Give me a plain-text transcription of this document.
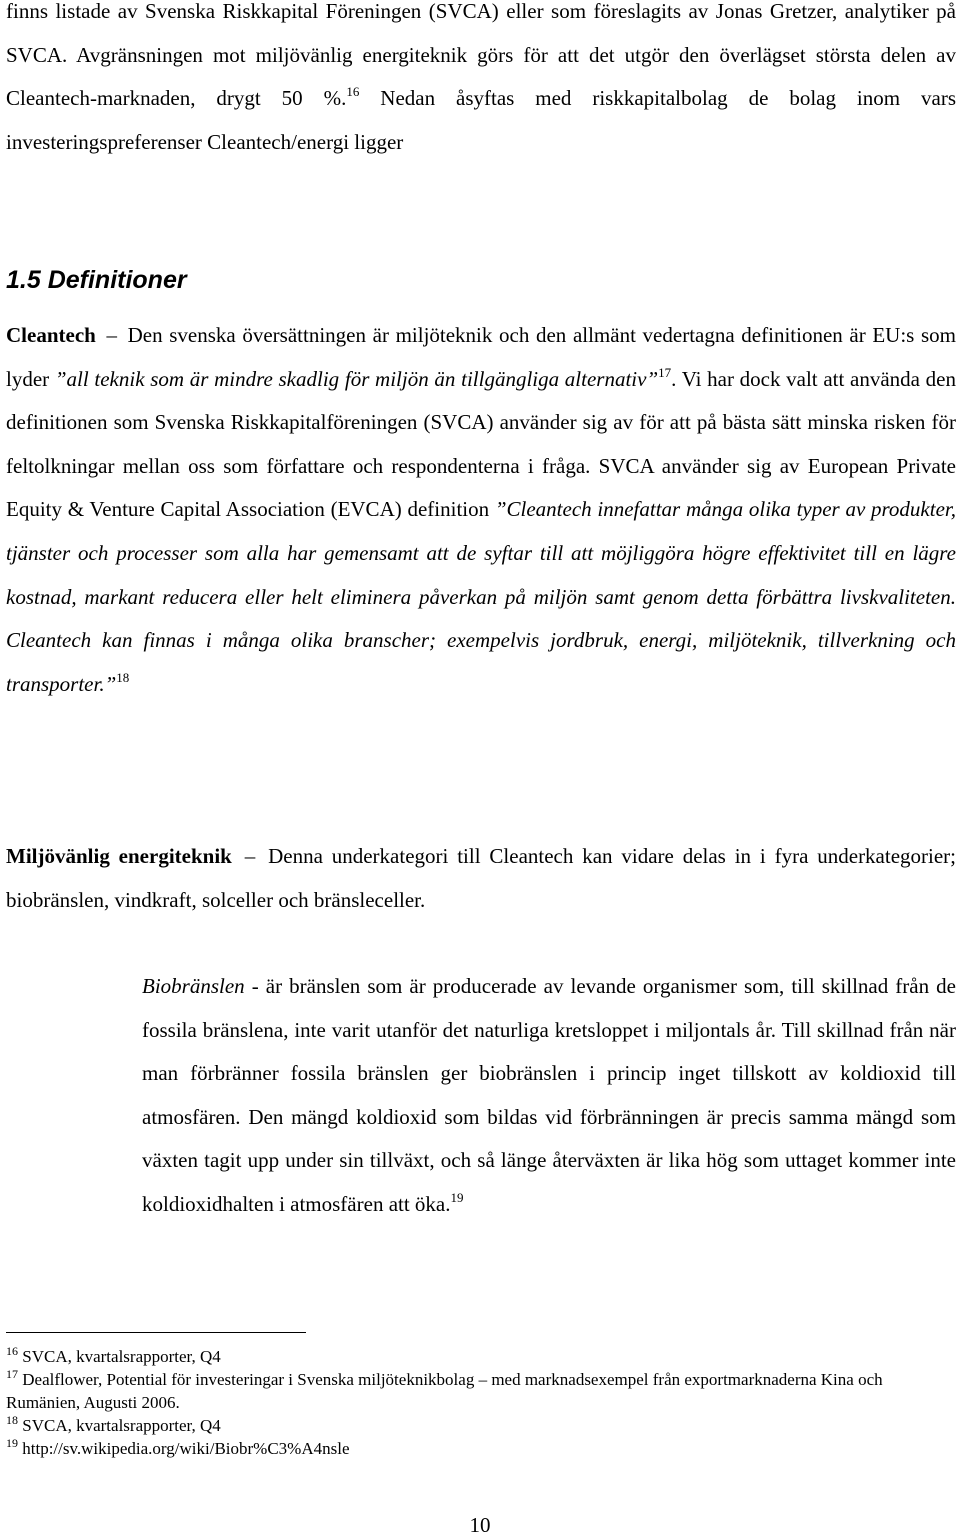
finns listade av Svenska Riskkapital Föreningen (SVCA) eller som föreslagits av Jonas Gretzer, analytiker på SVCA. Avgränsningen mot miljövänlig energiteknik görs för att det utgör den överlägset största delen av Cleantech-marknaden, drygt 50 %.$^{16}$ Nedan åsyftas med riskkapitalbolag de bolag inom vars investeringspreferenser Cleantech/energi ligger

1.5 Definitioner

Cleantech – Den svenska översättningen är miljöteknik och den allmänt vedertagna definitionen är EU:s som lyder ”all teknik som är mindre skadlig för miljön än tillgängliga alternativ”$^{17}$. Vi har dock valt att använda den definitionen som Svenska Riskkapitalföreningen (SVCA) använder sig av för att på bästa sätt minska risken för feltolkningar mellan oss som författare och respondenterna i fråga. SVCA använder sig av European Private Equity & Venture Capital Association (EVCA) definition ”Cleantech innefattar många olika typer av produkter, tjänster och processer som alla har gemensamt att de syftar till att möjliggöra högre effektivitet till en lägre kostnad, markant reducera eller helt eliminera påverkan på miljön samt genom detta förbättra livskvaliteten. Cleantech kan finnas i många olika branscher; exempelvis jordbruk, energi, miljöteknik, tillverkning och transporter.”$^{18}$

Miljövänlig energiteknik – Denna underkategori till Cleantech kan vidare delas in i fyra underkategorier; biobränslen, vindkraft, solceller och bränsleceller.

Biobränslen - är bränslen som är producerade av levande organismer som, till skillnad från de fossila bränslena, inte varit utanför det naturliga kretsloppet i miljontals år. Till skillnad från när man förbränner fossila bränslen ger biobränslen i princip inget tillskott av koldioxid till atmosfären. Den mängd koldioxid som bildas vid förbränningen är precis samma mängd som växten tagit upp under sin tillväxt, och så länge återväxten är lika hög som uttaget kommer inte koldioxidhalten i atmosfären att öka.$^{19}$

$^{16}$ SVCA, kvartalsrapporter, Q4

$^{17}$ Dealflower, Potential för investeringar i Svenska miljöteknikbolag – med marknadsexempel från exportmarknaderna Kina och Rumänien, Augusti 2006.

$^{18}$ SVCA, kvartalsrapporter, Q4

$^{19}$ http://sv.wikipedia.org/wiki/Biobr%C3%A4nsle

10
